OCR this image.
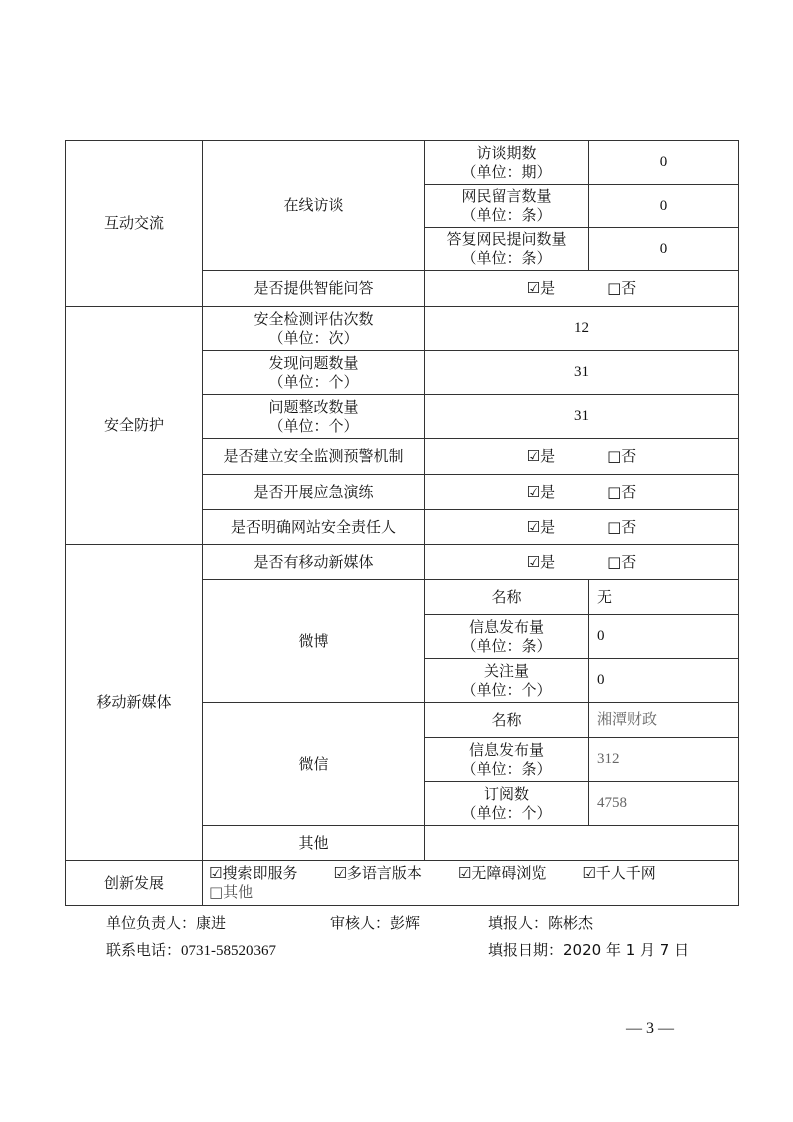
互动交流	在线访谈	访谈期数
（单位：期）	0

		网民留言数量
（单位：条）	0

		答复网民提问数量
（单位：条）	0
	是否提供智能问答	☑是 □否	
安全防护	安全检测评估次数
（单位：次）	12	

	发现问题数量
（单位：个）	31	

	问题整改数量
（单位：个）	31	
	是否建立安全监测预警机制	☑是 □否	
	是否开展应急演练	☑是 □否	
	是否明确网站安全责任人	☑是 □否	
移动新媒体	是否有移动新媒体	☑是 □否	
	微博	名称	无

		信息发布量
（单位：条）	0

		关注量
（单位：个）	0
	微信	名称	湘潭财政

		信息发布量
（单位：条）	312

		订阅数
（单位：个）	4758
	其他		
创新发展	☑搜索即服务 ☑多语言版本 ☑无障碍浏览 ☑千人千网
□其他		
单位负责人：康进	审核人：彭辉	填报人：陈彬杰
联系电话：0731-58520367	填报日期：2020 年 1 月 7 日
— 3 —
